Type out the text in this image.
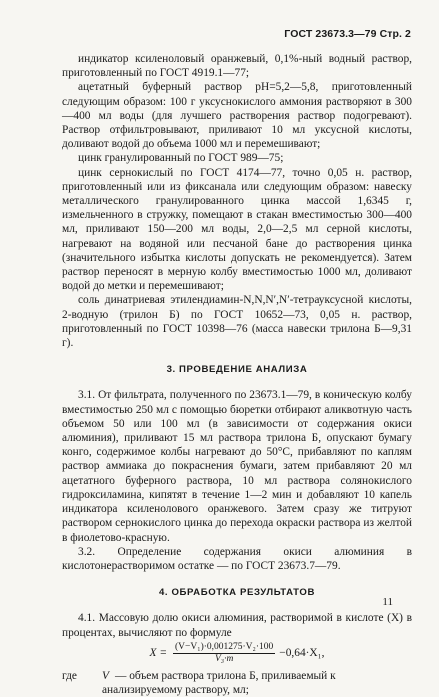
ГОСТ 23673.3—79 Стр. 2

индикатор ксиленоловый оранжевый, 0,1%-ный водный раствор, приготовленный по ГОСТ 4919.1—77;

ацетатный буферный раствор pH=5,2—5,8, приготовленный следующим образом: 100 г уксуснокислого аммония растворяют в 300—400 мл воды (для лучшего растворения раствор подогревают). Раствор отфильтровывают, приливают 10 мл уксусной кислоты, доливают водой до объема 1000 мл и перемешивают;

цинк гранулированный по ГОСТ 989—75;

цинк сернокислый по ГОСТ 4174—77, точно 0,05 н. раствор, приготовленный или из фиксанала или следующим образом: навеску металлического гранулированного цинка массой 1,6345 г, измельченного в стружку, помещают в стакан вместимостью 300—400 мл, приливают 150—200 мл воды, 2,0—2,5 мл серной кислоты, нагревают на водяной или песчаной бане до растворения цинка (значительного избытка кислоты допускать не рекомендуется). Затем раствор переносят в мерную колбу вместимостью 1000 мл, доливают водой до метки и перемешивают;

соль динатриевая этилендиамин-N,N,N′,N′-тетрауксусной кислоты, 2-водную (трилон Б) по ГОСТ 10652—73, 0,05 н. раствор, приготовленный по ГОСТ 10398—76 (масса навески трилона Б—9,31 г).

3. ПРОВЕДЕНИЕ АНАЛИЗА

3.1. От фильтрата, полученного по 23673.1—79, в коническую колбу вместимостью 250 мл с помощью бюретки отбирают аликвотную часть объемом 50 или 100 мл (в зависимости от содержания окиси алюминия), приливают 15 мл раствора трилона Б, опускают бумагу конго, содержимое колбы нагревают до 50°С, прибавляют по каплям раствор аммиака до покраснения бумаги, затем прибавляют 20 мл ацетатного буферного раствора, 10 мл раствора солянокислого гидроксиламина, кипятят в течение 1—2 мин и добавляют 10 капель индикатора ксиленолового оранжевого. Затем сразу же титруют раствором сернокислого цинка до перехода окраски раствора из желтой в фиолетово-красную.

3.2. Определение содержания окиси алюминия в кислотонерастворимом остатке — по ГОСТ 23673.7—79.

4. ОБРАБОТКА РЕЗУЛЬТАТОВ

4.1. Массовую долю окиси алюминия, растворимой в кислоте (X) в процентах, вычисляют по формуле

$X = \frac{\text{(V−V₁)·0,001275·V₂·100}}{\text{V₃·m}} -0,64\cdot X_1$,
где	V — объем раствора трилона Б, приливаемый к анализируемому раствору, мл;
11
